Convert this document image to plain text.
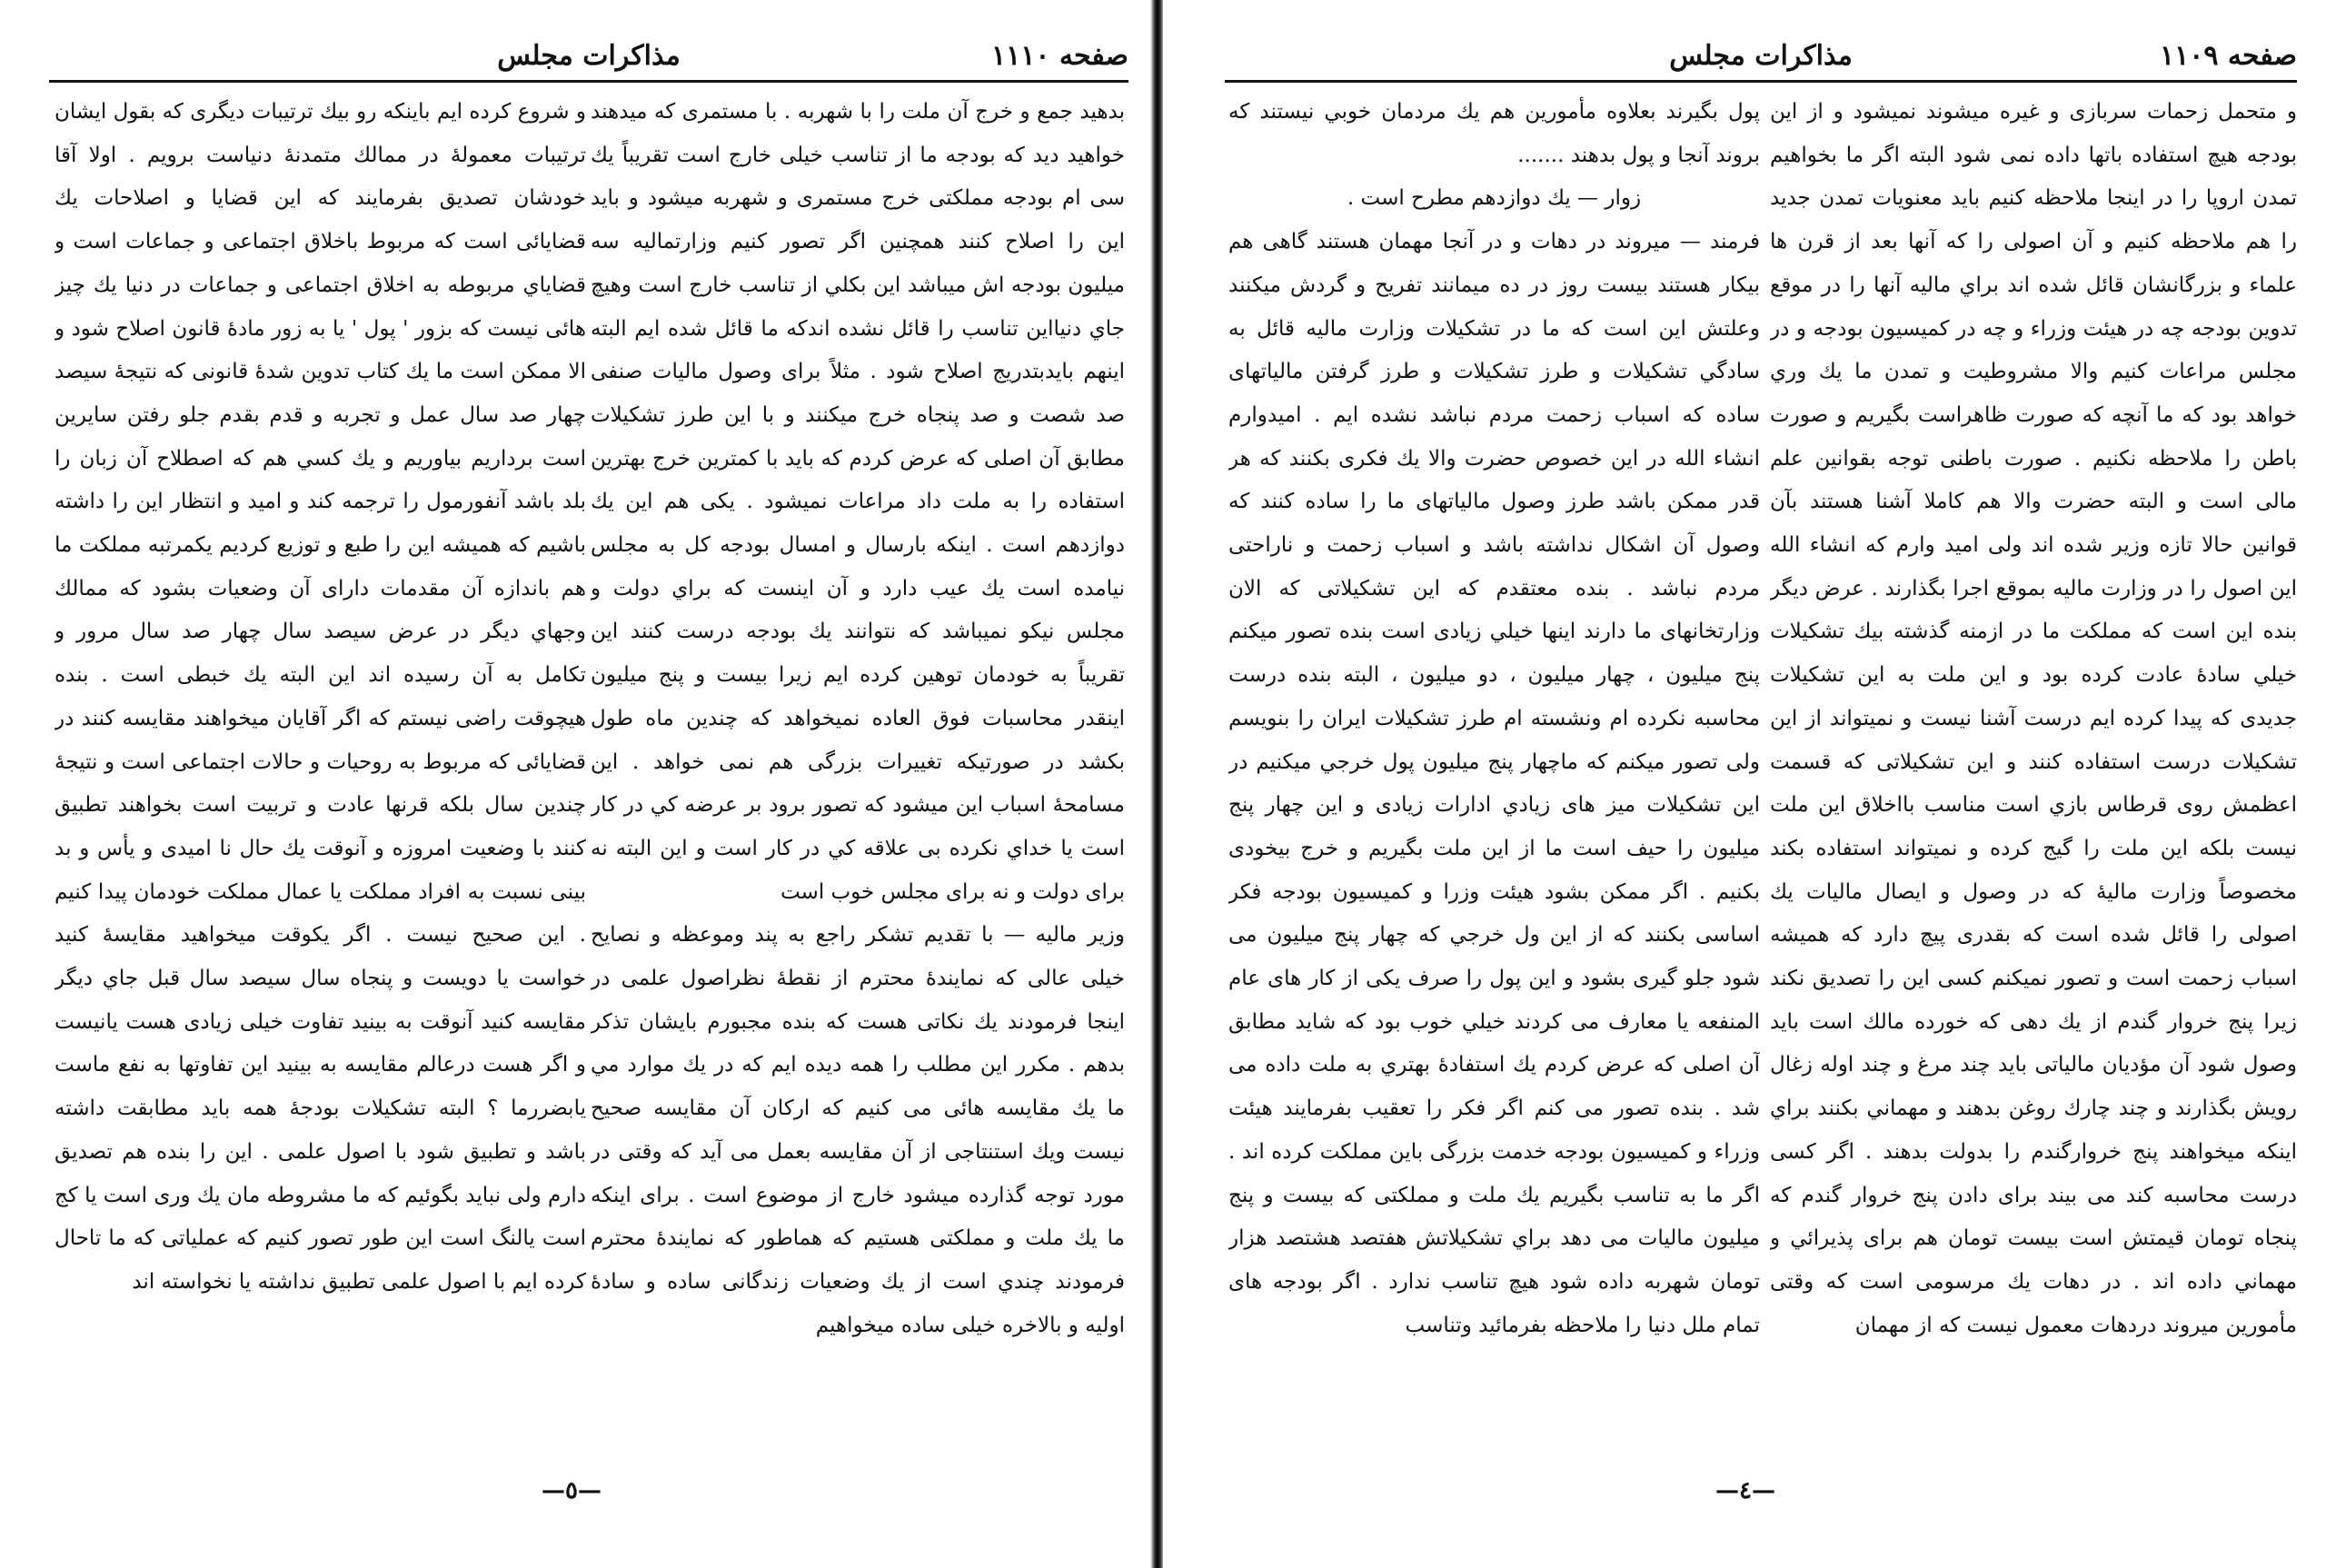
صفحه ۱۱۱۰
مذاكرات مجلس

بدهيد جمع و خرج آن ملت را با شهربه . با مستمرى كه ميدهند خواهيد ديد كه بودجه ما از تناسب خيلى خارج است تقريباً يك سى ام بودجه مملكتى خرج مستمرى و شهربه ميشود و بايد اين را اصلاح كنند همچنين اگر تصور كنيم وزارتماليه سه ميليون بودجه اش ميباشد اين بكلي از تناسب خارج است وهيچ جاي دنيااين تناسب را قائل نشده اندكه ما قائل شده ايم البته اينهم بايدبتدريج اصلاح شود . مثلاً براى وصول ماليات صنفى صد شصت و صد پنجاه خرج ميكنند و با اين طرز تشكيلات مطابق آن اصلى كه عرض كردم كه بايد با كمترين خرج بهترين استفاده را به ملت داد مراعات نميشود . يكى هم اين يك دوازدهم است . اينكه بارسال و امسال بودجه كل به مجلس نيامده است يك عيب دارد و آن اينست كه براي دولت و مجلس نيكو نميباشد كه نتوانند يك بودجه درست كنند اين تقريباً به خودمان توهين كرده ايم زيرا بيست و پنج ميليون اينقدر محاسبات فوق العاده نميخواهد كه چندين ماه طول بكشد در صورتيكه تغييرات بزرگى هم نمى خواهد . اين مسامحهٔ اسباب اين ميشود كه تصور برود بر عرضه كي در كار است يا خداي نكرده بى علاقه كي در كار است و اين البته نه براى دولت و نه براى مجلس خوب است

وزير ماليه — با تقديم تشكر راجع به پند وموعظه و نصايح خيلى عالى كه نمايندهٔ محترم از نقطهٔ نظراصول علمى در اينجا فرمودند يك نكاتى هست كه بنده مجبورم بايشان تذكر بدهم . مكرر اين مطلب را همه ديده ايم كه در يك موارد مي ما يك مقايسه هائى مى كنيم كه اركان آن مقايسه صحيح نيست ويك استنتاجى از آن مقايسه بعمل مى آيد كه وقتى در مورد توجه گذارده ميشود خارج از موضوع است . براى اينكه ما يك ملت و مملكتى هستيم كه هماطور كه نمايندهٔ محترم فرمودند چندي است از يك وضعيات زندگانى ساده و سادهٔ اوليه و بالاخره خيلى ساده ميخواهيم

و شروع كرده ايم باينكه رو بيك ترتيبات ديگرى كه بقول ايشان ترتيبات معمولهٔ در ممالك متمدنهٔ دنياست برويم . اولا آقا خودشان تصديق بفرمايند كه اين قضايا و اصلاحات يك قضايائى است كه مربوط باخلاق اجتماعى و جماعات است و قضاياي مربوطه به اخلاق اجتماعى و جماعات در دنيا يك چيز هائى نيست كه بزور ' پول ' يا به زور مادهٔ قانون اصلاح شود و الا ممكن است ما يك كتاب تدوين شدهٔ قانونى كه نتيجهٔ سيصد چهار صد سال عمل و تجربه و قدم بقدم جلو رفتن سايرين است برداريم بياوريم و يك كسي هم كه اصطلاح آن زبان را بلد باشد آنفورمول را ترجمه كند و اميد و انتظار اين را داشته باشيم كه هميشه اين را طبع و توزيع كرديم يكمرتبه مملكت ما هم باندازه آن مقدمات داراى آن وضعيات بشود كه ممالك وجهاي ديگر در عرض سيصد سال چهار صد سال مرور و تكامل به آن رسيده اند اين البته يك خبطى است . بنده هيچوقت راضى نيستم كه اگر آقايان ميخواهند مقايسه كنند در قضايائى كه مربوط به روحيات و حالات اجتماعى است و نتيجهٔ چندين سال بلكه قرنها عادت و تربيت است بخواهند تطبيق كنند با وضعيت امروزه و آنوقت يك حال نا اميدى و يأس و بد بينى نسبت به افراد مملكت يا عمال مملكت خودمان پيدا كنيم . اين صحيح نيست . اگر يكوقت ميخواهيد مقايسهٔ كنيد خواست يا دويست و پنجاه سال سيصد سال قبل جاي ديگر مقايسه كنيد آنوقت به بينيد تفاوت خيلى زيادى هست يانيست و اگر هست درعالم مقايسه به بينيد اين تفاوتها به نفع ماست يابضررما ؟ البته تشكيلات بودجهٔ همه بايد مطابقت داشته باشد و تطبيق شود با اصول علمى . اين را بنده هم تصديق دارم ولى نبايد بگوئيم كه ما مشروطه مان يك ورى است يا كج است يالنگ است اين طور تصور كنيم كه عملياتى كه ما تاحال كرده ايم با اصول علمى تطبيق نداشته يا نخواسته اند

—٥—
صفحه ۱۱۰۹
مذاكرات مجلس

و متحمل زحمات سربازى و غيره ميشوند نميشود و از اين بودجه هيچ استفاده باتها داده نمى شود البته اگر ما بخواهيم تمدن اروپا را در اينجا ملاحظه كنيم بايد معنويات تمدن جديد را هم ملاحظه كنيم و آن اصولى را كه آنها بعد از قرن ها علماء و بزرگانشان قائل شده اند براي ماليه آنها را در موقع تدوين بودجه چه در هيئت وزراء و چه در كميسيون بودجه و در مجلس مراعات كنيم والا مشروطيت و تمدن ما يك وري خواهد بود كه ما آنچه كه صورت ظاهراست بگيريم و صورت باطن را ملاحظه نكنيم . صورت باطنى توجه بقوانين علم مالى است و البته حضرت والا هم كاملا آشنا هستند بآن قوانين حالا تازه وزير شده اند ولى اميد وارم كه انشاء الله اين اصول را در وزارت ماليه بموقع اجرا بگذارند . عرض ديگر بنده اين است كه مملكت ما در ازمنه گذشته بيك تشكيلات خيلي سادهٔ عادت كرده بود و اين ملت به اين تشكيلات جديدى كه پيدا كرده ايم درست آشنا نيست و نميتواند از اين تشكيلات درست استفاده كنند و اين تشكيلاتى كه قسمت اعظمش روى قرطاس بازي است مناسب بااخلاق اين ملت نيست بلكه اين ملت را گيج كرده و نميتواند استفاده بكند مخصوصاً وزارت ماليهٔ كه در وصول و ايصال ماليات يك اصولى را قائل شده است كه بقدرى پيچ دارد كه هميشه اسباب زحمت است و تصور نميكنم كسى اين را تصديق نكند زيرا پنج خروار گندم از يك دهى كه خورده مالك است بايد وصول شود آن مؤديان مالياتى بايد چند مرغ و چند اوله زغال رويش بگذارند و چند چارك روغن بدهند و مهماني بكنند براي اينكه ميخواهند پنج خروارگندم را بدولت بدهند . اگر كسى درست محاسبه كند مى بيند براى دادن پنج خروار گندم كه پنجاه تومان قيمتش است بيست تومان هم براى پذيرائي و مهماني داده اند . در دهات يك مرسومى است كه وقتى مأمورين ميروند دردهات معمول نيست كه از مهمان

پول بگيرند بعلاوه مأمورين هم يك مردمان خوبي نيستند كه بروند آنجا و پول بدهند .......

زوار — يك دوازدهم مطرح است .

فرمند — ميروند در دهات و در آنجا مهمان هستند گاهى هم بيكار هستند بيست روز در ده ميمانند تفريح و گردش ميكنند وعلتش اين است كه ما در تشكيلات وزارت ماليه قائل به سادگي تشكيلات و طرز تشكيلات و طرز گرفتن مالياتهاى ساده كه اسباب زحمت مردم نباشد نشده ايم . اميدوارم انشاء الله در اين خصوص حضرت والا يك فكرى بكنند كه هر قدر ممكن باشد طرز وصول مالياتهاى ما را ساده كنند كه وصول آن اشكال نداشته باشد و اسباب زحمت و ناراحتى مردم نباشد . بنده معتقدم كه اين تشكيلاتى كه الان وزارتخانهاى ما دارند اينها خيلي زيادى است بنده تصور ميكنم پنج ميليون ، چهار ميليون ، دو ميليون ، البته بنده درست محاسبه نكرده ام ونشسته ام طرز تشكيلات ايران را بنويسم ولى تصور ميكنم كه ماچهار پنج ميليون پول خرجي ميكنيم در اين تشكيلات ميز هاى زيادي ادارات زيادى و اين چهار پنج ميليون را حيف است ما از اين ملت بگيريم و خرج بيخودى بكنيم . اگر ممكن بشود هيئت وزرا و كميسيون بودجه فكر اساسى بكنند كه از اين ول خرجي كه چهار پنج ميليون مى شود جلو گيرى بشود و اين پول را صرف يكى از كار هاى عام المنفعه يا معارف مى كردند خيلي خوب بود كه شايد مطابق آن اصلى كه عرض كردم يك استفادهٔ بهتري به ملت داده مى شد . بنده تصور مى كنم اگر فكر را تعقيب بفرمايند هيئت وزراء و كميسيون بودجه خدمت بزرگى باين مملكت كرده اند . اگر ما به تناسب بگيريم يك ملت و مملكتى كه بيست و پنج ميليون ماليات مى دهد براي تشكيلاتش هفتصد هشتصد هزار تومان شهربه داده شود هيچ تناسب ندارد . اگر بودجه هاى تمام ملل دنيا را ملاحظه بفرمائيد وتناسب

—٤—
